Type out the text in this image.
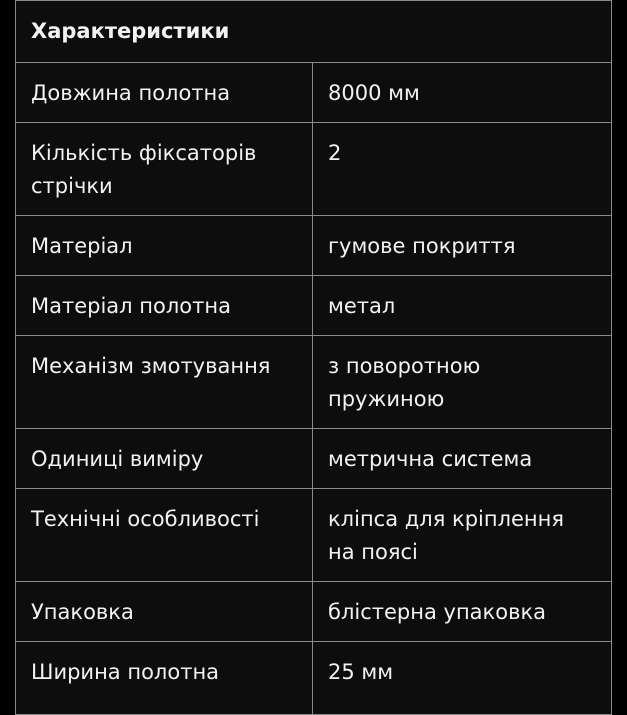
Характеристики	
Довжина полотна	8000 мм
Кількість фіксаторів стрічки	2
Матеріал	гумове покриття
Матеріал полотна	метал
Механізм змотування	з поворотною пружиною
Одиниці виміру	метрична система
Технічні особливості	кліпса для кріплення на поясі
Упаковка	блістерна упаковка
Ширина полотна	25 мм
